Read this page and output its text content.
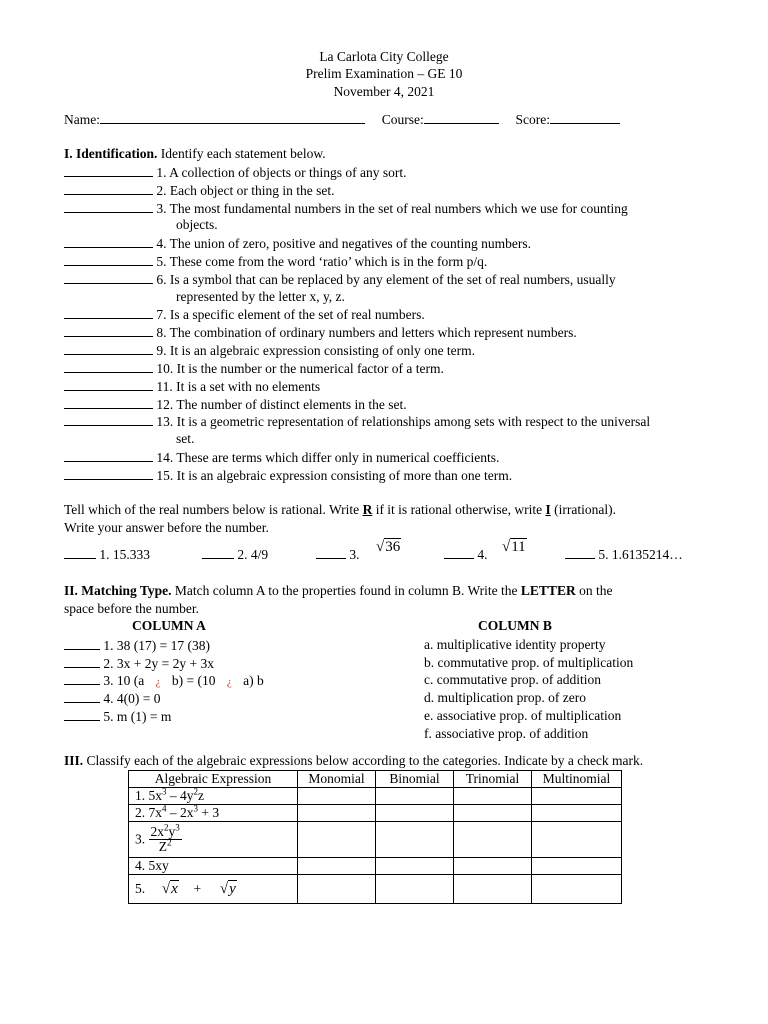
La Carlota City College
Prelim Examination – GE 10
November 4, 2021
Name:	Course:	Score:
I. Identification. Identify each statement below.
1. A collection of objects or things of any sort.
2. Each object or thing in the set.
3. The most fundamental numbers in the set of real numbers which we use for counting
objects.
4. The union of zero, positive and negatives of the counting numbers.
5. These come from the word ‘ratio’ which is in the form p/q.
6. Is a symbol that can be replaced by any element of the set of real numbers, usually
represented by the letter x, y, z.
7. Is a specific element of the set of real numbers.
8. The combination of ordinary numbers and letters which represent numbers.
9. It is an algebraic expression consisting of only one term.
10. It is the number or the numerical factor of a term.
11. It is a set with no elements
12. The number of distinct elements in the set.
13. It is a geometric representation of relationships among sets with respect to the universal
set.
14. These are terms which differ only in numerical coefficients.
15. It is an algebraic expression consisting of more than one term.
Tell which of the real numbers below is rational. Write R if it is rational otherwise, write I (irrational).
Write your answer before the number.
1. 15.333	2. 4/9	3. √36	4. √11	5. 1.6135214…
II. Matching Type. Match column A to the properties found in column B. Write the LETTER on the
space before the number.
COLUMN A	COLUMN B
1. 38 (17) = 17 (38)
2. 3x + 2y = 2y + 3x
3. 10 (a ¿ b) = (10 ¿ a) b
4. 4(0) = 0
5. m (1) = m
a. multiplicative identity property
b. commutative prop. of multiplication
c. commutative prop. of addition
d. multiplication prop. of zero
e. associative prop. of multiplication
f. associative prop. of addition
III. Classify each of the algebraic expressions below according to the categories. Indicate by a check mark.
Algebraic Expression	Monomial	Binomial	Trinomial	Multinomial
1. $5x^3 - 4y^2z$				
2. $7x^4 - 2x^3 + 3$				
3. $\frac{2x^2y^3}{Z^2}$

4. 5xy				
5. √x + √y				
